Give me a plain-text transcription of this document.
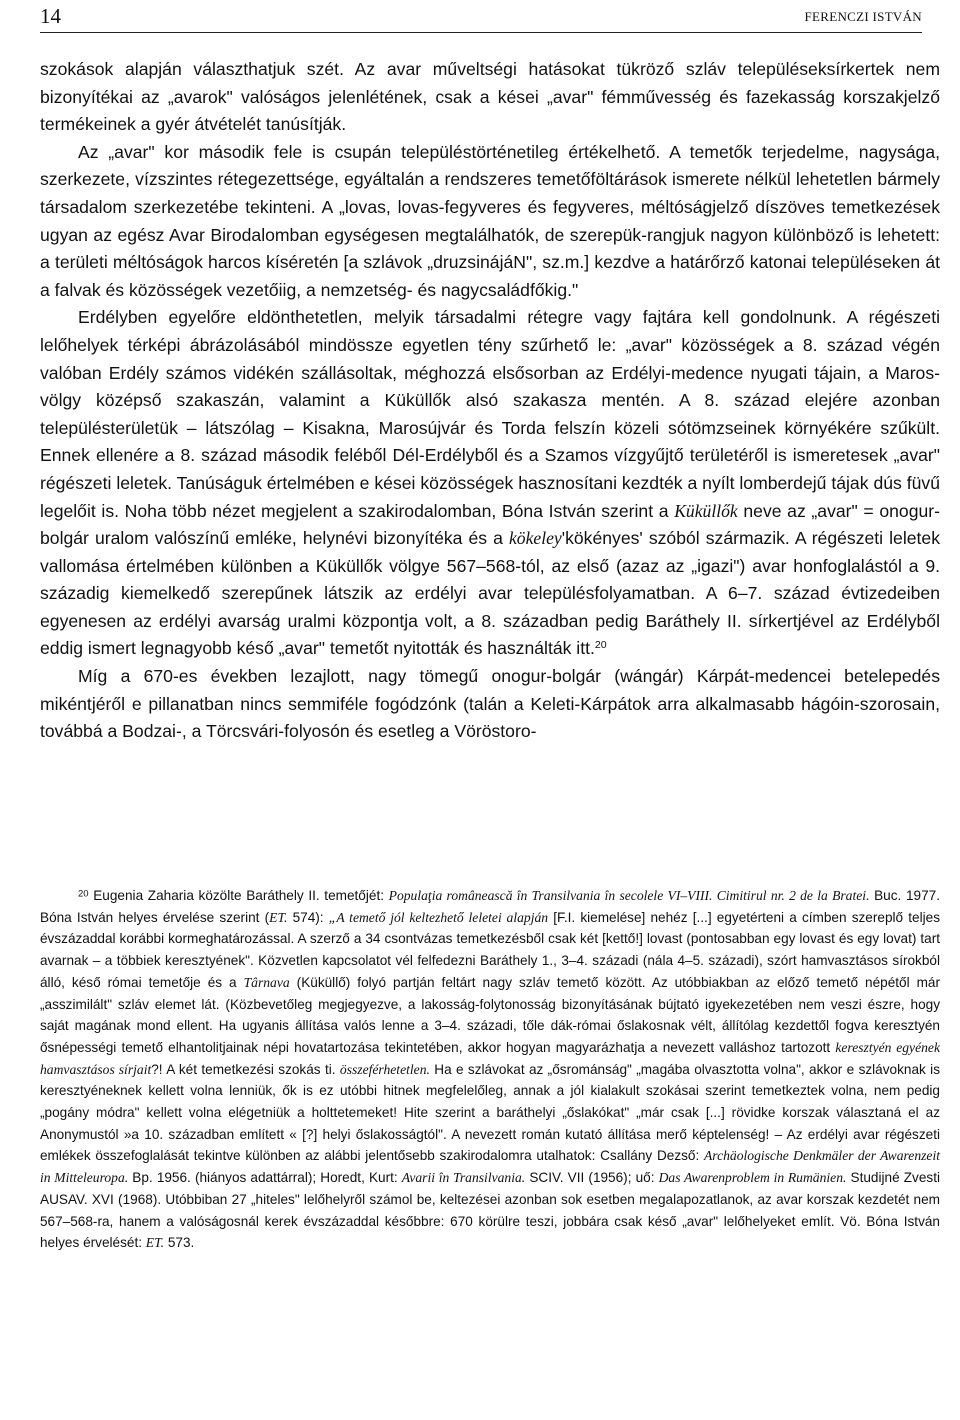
14	FERENCZI ISTVÁN

szokások alapján választhatjuk szét. Az avar műveltségi hatásokat tükröző szláv településeksírkertek nem bizonyítékai az „avarok" valóságos jelenlétének, csak a kései „avar" fémművesség és fazekasság korszakjelző termékeinek a gyér átvételét tanúsítják.

Az „avar" kor második fele is csupán településtörténetileg értékelhető. A temetők terjedelme, nagysága, szerkezete, vízszintes rétegezettsége, egyáltalán a rendszeres temetőföltárások ismerete nélkül lehetetlen bármely társadalom szerkezetébe tekinteni. A „lovas, lovas-fegyveres és fegyveres, méltóságjelző díszöves temetkezések ugyan az egész Avar Birodalomban egységesen megtalálhatók, de szerepük-rangjuk nagyon különböző is lehetett: a területi méltóságok harcos kíséretén [a szlávok „druzsinájáN", sz.m.] kezdve a határőrző katonai településeken át a falvak és közösségek vezetőiig, a nemzetség- és nagycsaládfőkig."

Erdélyben egyelőre eldönthetetlen, melyik társadalmi rétegre vagy fajtára kell gondolnunk. A régészeti lelőhelyek térképi ábrázolásából mindössze egyetlen tény szűrhető le: „avar" közösségek a 8. század végén valóban Erdély számos vidékén szállásoltak, méghozzá elsősorban az Erdélyi-medence nyugati tájain, a Maros-völgy középső szakaszán, valamint a Küküllők alsó szakasza mentén. A 8. század elejére azonban településterületük – látszólag – Kisakna, Marosújvár és Torda felszín közeli sótömzseinek környékére szűkült. Ennek ellenére a 8. század második feléből Dél-Erdélyből és a Szamos vízgyűjtő területéről is ismeretesek „avar" régészeti leletek. Tanúságuk értelmében e kései közösségek hasznosítani kezdték a nyílt lomberdejű tájak dús füvű legelőit is. Noha több nézet megjelent a szakirodalomban, Bóna István szerint a Küküllők neve az „avar" = onogur-bolgár uralom valószínű emléke, helynévi bizonyítéka és a kökeley'kökényes' szóból származik. A régészeti leletek vallomása értelmében különben a Küküllők völgye 567–568-tól, az első (azaz az „igazi") avar honfoglalástól a 9. századig kiemelkedő szerepűnek látszik az erdélyi avar településfolyamatban. A 6–7. század évtizedeiben egyenesen az erdélyi avarság uralmi központja volt, a 8. században pedig Baráthely II. sírkertjével az Erdélyből eddig ismert legnagyobb késő „avar" temetőt nyitották és használták itt.$^{20}$

Míg a 670-es években lezajlott, nagy tömegű onogur-bolgár (wángár) Kárpát-medencei betelepedés mikéntjéről e pillanatban nincs semmiféle fogódzónk (talán a Keleti-Kárpátok arra alkalmasabb hágóin-szorosain, továbbá a Bodzai-, a Törcsvári-folyosón és esetleg a Vöröstoro-

$^{20}$ Eugenia Zaharia közölte Baráthely II. temetőjét: Populaţia românească în Transilvania în secolele VI–VIII. Cimitirul nr. 2 de la Bratei. Buc. 1977. Bóna István helyes érvelése szerint (ET. 574): „A temető jól keltezhető leletei alapján [F.I. kiemelése] nehéz [...] egyetérteni a címben szereplő teljes évszázaddal korábbi kormeghatározással. A szerző a 34 csontvázas temetkezésből csak két [kettő!] lovast (pontosabban egy lovast és egy lovat) tart avarnak – a többiek keresztyének". Közvetlen kapcsolatot vél felfedezni Baráthely 1., 3–4. századi (nála 4–5. századi), szórt hamvasztásos sírokból álló, késő római temetője és a Târnava (Küküllő) folyó partján feltárt nagy szláv temető között. Az utóbbiakban az előző temető népétől már „asszimilált" szláv elemet lát. (Közbevetőleg megjegyezve, a lakosság-folytonosság bizonyításának bújtató igyekezetében nem veszi észre, hogy saját magának mond ellent. Ha ugyanis állítása valós lenne a 3–4. századi, tőle dák-római őslakosnak vélt, állítólag kezdettől fogva keresztyén ősnépességi temető elhantolitjainak népi hovatartozása tekintetében, akkor hogyan magyarázhatja a nevezett valláshoz tartozott keresztyén egyének hamvasztásos sírjait?! A két temetkezési szokás ti. összeférhetetlen. Ha e szlávokat az „ősrománság" „magába olvasztotta volna", akkor e szlávoknak is keresztyéneknek kellett volna lenniük, ők is ez utóbbi hitnek megfelelőleg, annak a jól kialakult szokásai szerint temetkeztek volna, nem pedig „pogány módra" kellett volna elégetniük a holttetemeket! Hite szerint a baráthelyi „őslakókat" „már csak [...] rövidke korszak választaná el az Anonymustól »a 10. században említett « [?] helyi őslakosságtól". A nevezett román kutató állítása merő képtelenség! – Az erdélyi avar régészeti emlékek összefoglalását tekintve különben az alábbi jelentősebb szakirodalomra utalhatok: Csallány Dezső: Archäologische Denkmäler der Awarenzeit in Mitteleuropa. Bp. 1956. (hiányos adattárral); Horedt, Kurt: Avarii în Transilvania. SCIV. VII (1956); uő: Das Awarenproblem in Rumänien. Studijné Zvesti AUSAV. XVI (1968). Utóbbiban 27 „hiteles" lelőhelyről számol be, keltezései azonban sok esetben megalapozatlanok, az avar korszak kezdetét nem 567–568-ra, hanem a valóságosnál kerek évszázaddal későbbre: 670 körülre teszi, jobbára csak késő „avar" lelőhelyeket említ. Vö. Bóna István helyes érvelését: ET. 573.
